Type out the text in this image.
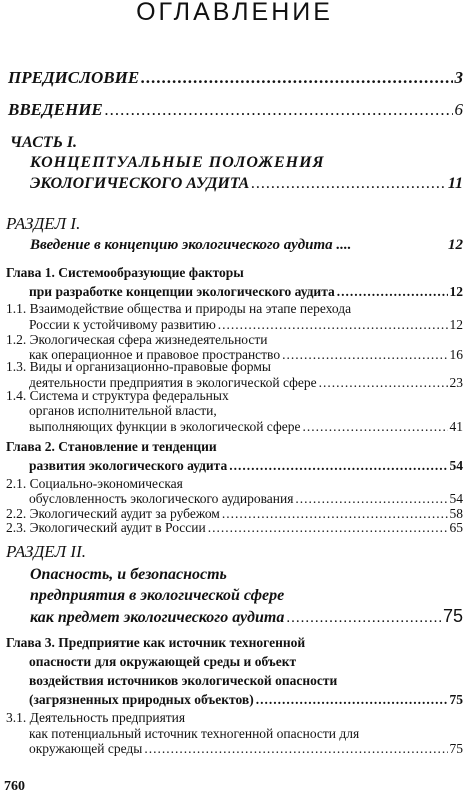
ОГЛАВЛЕНИЕ
ПРЕДИСЛОВИЕ .....	3
ВВЕДЕНИЕ .....	6
ЧАСТЬ I.
КОНЦЕПТУАЛЬНЫЕ ПОЛОЖЕНИЯ
ЭКОЛОГИЧЕСКОГО АУДИТА .....	11
РАЗДЕЛ I.
Введение в концепцию экологического аудита ....	12
Глава 1. Системообразующие факторы
при разработке концепции экологического аудита .....	12
1.1. Взаимодействие общества и природы на этапе перехода
России к устойчивому развитию .....	12
1.2. Экологическая сфера жизнедеятельности
как операционное и правовое пространство .....	16
1.3. Виды и организационно-правовые формы
деятельности предприятия в экологической сфере .....	23
1.4. Система и структура федеральных
органов исполнительной власти,
выполняющих функции в экологической сфере .....	41
Глава 2. Становление и тенденции
развития экологического аудита .....	54
2.1. Социально-экономическая
обусловленность экологического аудирования .....	54
2.2. Экологический аудит за рубежом .....	58
2.3. Экологический аудит в России .....	65
РАЗДЕЛ II.
Опасность, и безопасность
предприятия в экологической сфере
как предмет экологического аудита .....	75
Глава 3. Предприятие как источник техногенной
опасности для окружающей среды и объект
воздействия источников экологической опасности
(загрязненных природных объектов) .....	75
3.1. Деятельность предприятия
как потенциальный источник техногенной опасности для
окружающей среды .....	75
760
